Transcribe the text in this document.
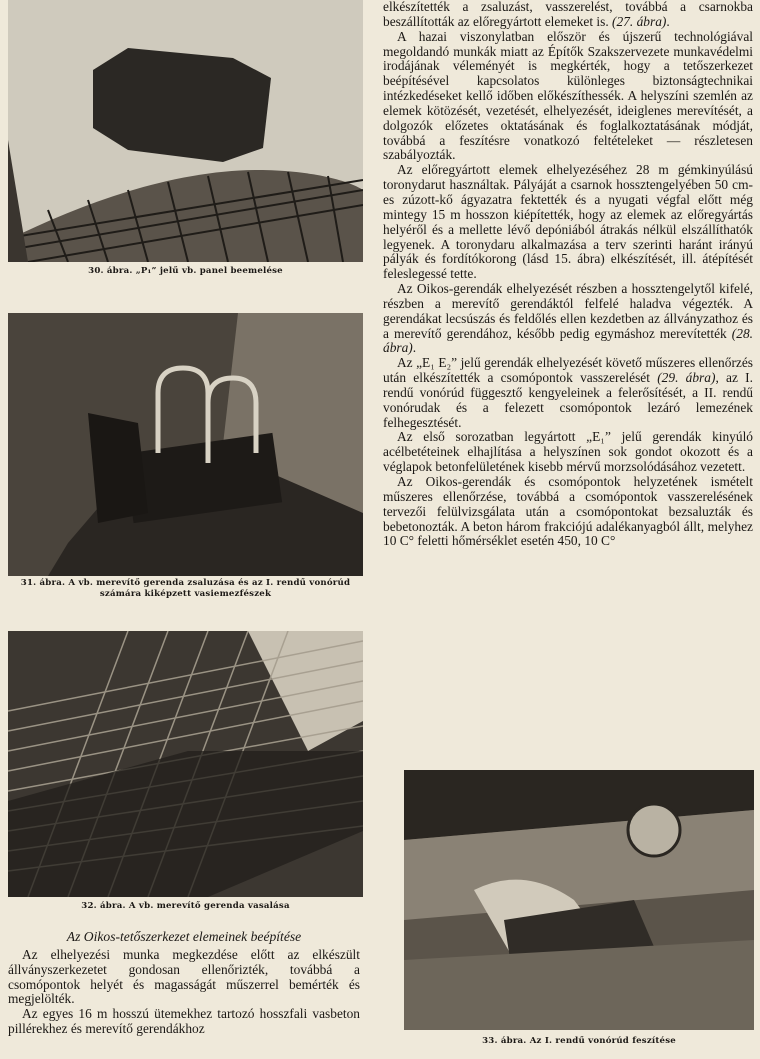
30. ábra. „P₁” jelű vb. panel beemelése
31. ábra. A vb. merevítő gerenda zsaluzása és az I. rendű vonórúd
számára kiképzett vasiemezfészek
32. ábra. A vb. merevítő gerenda vasalása

Az Oikos-tetőszerkezet elemeinek beépítése

Az elhelyezési munka megkezdése előtt az elkészült állványszerkezetet gondosan ellenőrizték, továbbá a csomópontok helyét és magasságát műszerrel bemérték és megjelölték.

Az egyes 16 m hosszú ütemekhez tartozó hosszfali vasbeton pillérekhez és merevítő gerendákhoz

elkészítették a zsaluzást, vasszerelést, továbbá a csarnokba beszállították az előregyártott elemeket is. (27. ábra).

A hazai viszonylatban először és újszerű technológiával megoldandó munkák miatt az Építők Szakszervezete munkavédelmi irodájának véleményét is megkérték, hogy a tetőszerkezet beépítésével kapcsolatos különleges biztonságtechnikai intézkedéseket kellő időben előkészíthessék. A helyszíni szemlén az elemek kötözését, vezetését, elhelyezését, ideiglenes merevítését, a dolgozók előzetes oktatásának és foglalkoztatásának módját, továbbá a feszítésre vonatkozó feltételeket — részletesen szabályozták.

Az előregyártott elemek elhelyezéséhez 28 m gémkinyúlású toronydarut használtak. Pályáját a csarnok hossztengelyében 50 cm-es zúzott-kő ágyazatra fektették és a nyugati végfal előtt még mintegy 15 m hosszon kiépítették, hogy az elemek az előregyártás helyéről és a mellette lévő depóniából átrakás nélkül elszállíthatók legyenek. A toronydaru alkalmazása a terv szerinti haránt irányú pályák és fordítókorong (lásd 15. ábra) elkészítését, ill. átépítését feleslegessé tette.

Az Oikos-gerendák elhelyezését részben a hossztengelytől kifelé, részben a merevítő gerendáktól felfelé haladva végezték. A gerendákat lecsúszás és feldőlés ellen kezdetben az állványzathoz és a merevítő gerendához, később pedig egymáshoz merevítették (28. ábra).

Az „E₁ E₂” jelű gerendák elhelyezését követő műszeres ellenőrzés után elkészítették a csomópontok vasszerelését (29. ábra), az I. rendű vonórúd függesztő kengyeleinek a felerősítését, a II. rendű vonórudak és a felezett csomópontok lezáró lemezének felhegesztését.

Az első sorozatban legyártott „E₁” jelű gerendák kinyúló acélbetéteinek elhajlítása a helyszínen sok gondot okozott és a véglapok betonfelületének kisebb mérvű morzsolódásához vezetett.

Az Oikos-gerendák és csomópontok helyzetének ismételt műszeres ellenőrzése, továbbá a csomópontok vasszerelésének tervezői felülvizsgálata után a csomópontokat bezsaluzták és bebetonozták. A beton három frakciójú adalékanyagból állt, melyhez 10 C° feletti hőmérséklet esetén 450, 10 C°

33. ábra. Az I. rendű vonórúd feszítése
